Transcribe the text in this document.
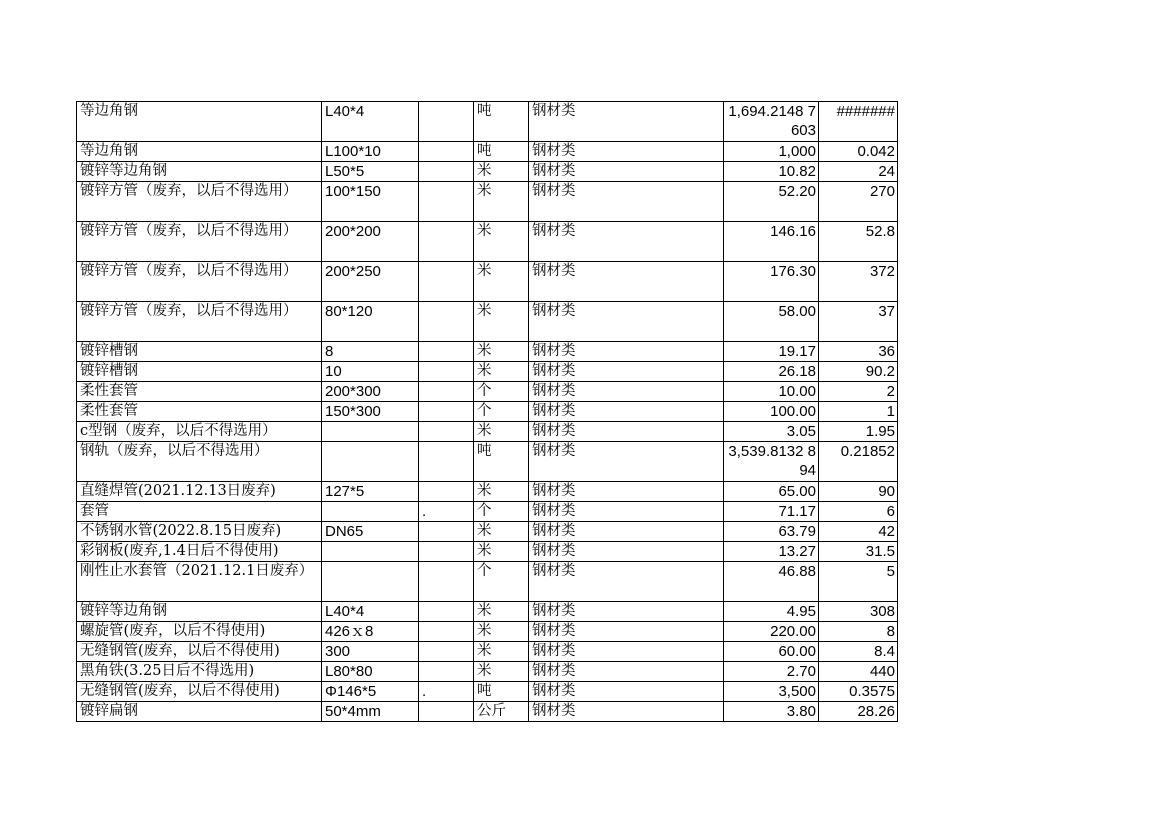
等边角钢	L40*4		吨	钢材类	1,694.2148 7603	#######
等边角钢	L100*10		吨	钢材类	1,000	0.042
镀锌等边角钢	L50*5		米	钢材类	10.82	24
镀锌方管（废弃，以后不得选用）	100*150		米	钢材类	52.20	270
镀锌方管（废弃，以后不得选用）	200*200		米	钢材类	146.16	52.8
镀锌方管（废弃，以后不得选用）	200*250		米	钢材类	176.30	372
镀锌方管（废弃，以后不得选用）	80*120		米	钢材类	58.00	37
镀锌槽钢	8		米	钢材类	19.17	36
镀锌槽钢	10		米	钢材类	26.18	90.2
柔性套管	200*300		个	钢材类	10.00	2
柔性套管	150*300		个	钢材类	100.00	1
c型钢（废弃，以后不得选用）			米	钢材类	3.05	1.95
钢轨（废弃，以后不得选用）			吨	钢材类	3,539.8132 894	0.21852
直缝焊管(2021.12.13日废弃)	127*5		米	钢材类	65.00	90
套管		.	个	钢材类	71.17	6
不锈钢水管(2022.8.15日废弃)	DN65		米	钢材类	63.79	42
彩钢板(废弃,1.4日后不得使用)			米	钢材类	13.27	31.5
刚性止水套管（2021.12.1日废弃）			个	钢材类	46.88	5
镀锌等边角钢	L40*4		米	钢材类	4.95	308
螺旋管(废弃，以后不得使用)	426ｘ8		米	钢材类	220.00	8
无缝钢管(废弃，以后不得使用)	300		米	钢材类	60.00	8.4
黑角铁(3.25日后不得选用)	L80*80		米	钢材类	2.70	440
无缝钢管(废弃，以后不得使用)	Φ146*5	.	吨	钢材类	3,500	0.3575
镀锌扁钢	50*4mm		公斤	钢材类	3.80	28.26
